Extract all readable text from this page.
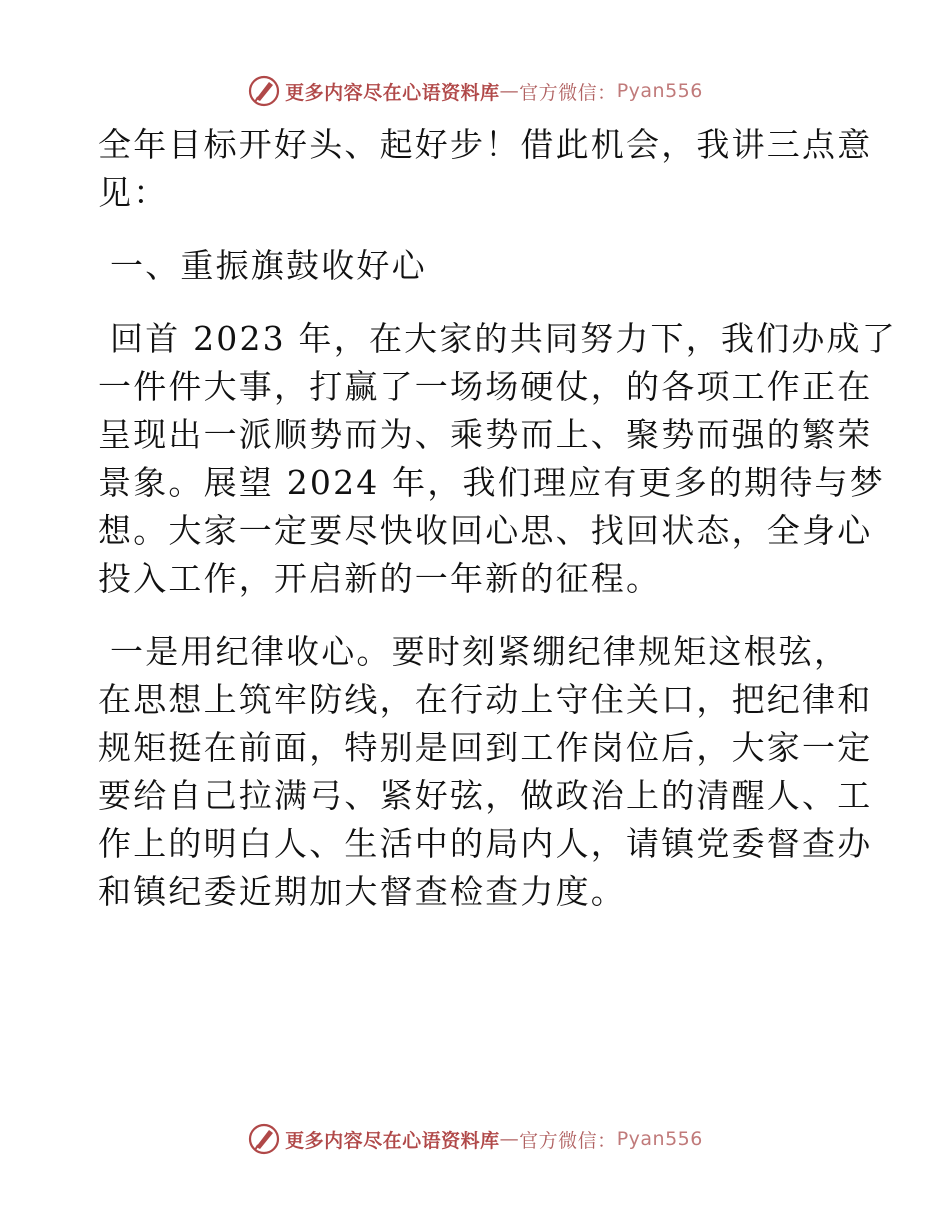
更多内容尽在心语资料库 — 官方微信： Pyan556
全年目标开好头、起好步！借此机会，我讲三点意
见：
一、重振旗鼓收好心
回首 2023 年，在大家的共同努力下，我们办成了
一件件大事，打赢了一场场硬仗，的各项工作正在
呈现出一派顺势而为、乘势而上、聚势而强的繁荣
景象。展望 2024 年，我们理应有更多的期待与梦
想。大家一定要尽快收回心思、找回状态，全身心
投入工作，开启新的一年新的征程。
一是用纪律收心。要时刻紧绷纪律规矩这根弦，
在思想上筑牢防线，在行动上守住关口，把纪律和
规矩挺在前面，特别是回到工作岗位后，大家一定
要给自己拉满弓、紧好弦，做政治上的清醒人、工
作上的明白人、生活中的局内人，请镇党委督查办
和镇纪委近期加大督查检查力度。
更多内容尽在心语资料库 — 官方微信： Pyan556
